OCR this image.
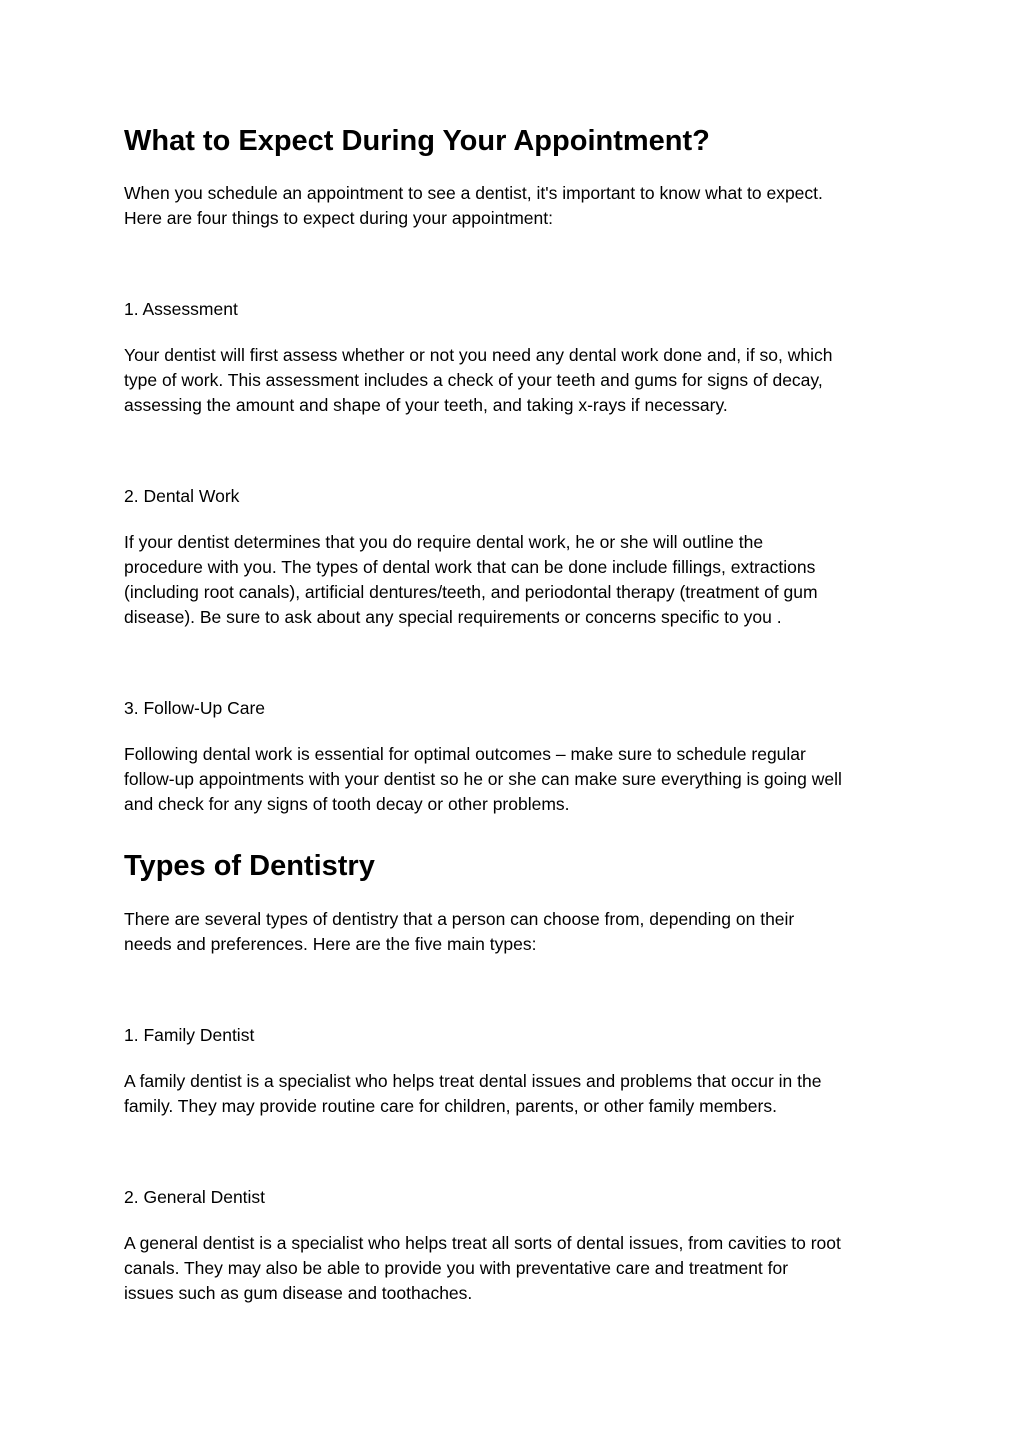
What to Expect During Your Appointment?

When you schedule an appointment to see a dentist, it's important to know what to expect.
Here are four things to expect during your appointment:

1. Assessment

Your dentist will first assess whether or not you need any dental work done and, if so, which
type of work. This assessment includes a check of your teeth and gums for signs of decay,
assessing the amount and shape of your teeth, and taking x-rays if necessary.

2. Dental Work

If your dentist determines that you do require dental work, he or she will outline the
procedure with you. The types of dental work that can be done include fillings, extractions
(including root canals), artificial dentures/teeth, and periodontal therapy (treatment of gum
disease). Be sure to ask about any special requirements or concerns specific to you .

3. Follow-Up Care

Following dental work is essential for optimal outcomes – make sure to schedule regular
follow-up appointments with your dentist so he or she can make sure everything is going well
and check for any signs of tooth decay or other problems.

Types of Dentistry

There are several types of dentistry that a person can choose from, depending on their
needs and preferences. Here are the five main types:

1. Family Dentist

A family dentist is a specialist who helps treat dental issues and problems that occur in the
family. They may provide routine care for children, parents, or other family members.

2. General Dentist

A general dentist is a specialist who helps treat all sorts of dental issues, from cavities to root
canals. They may also be able to provide you with preventative care and treatment for
issues such as gum disease and toothaches.
